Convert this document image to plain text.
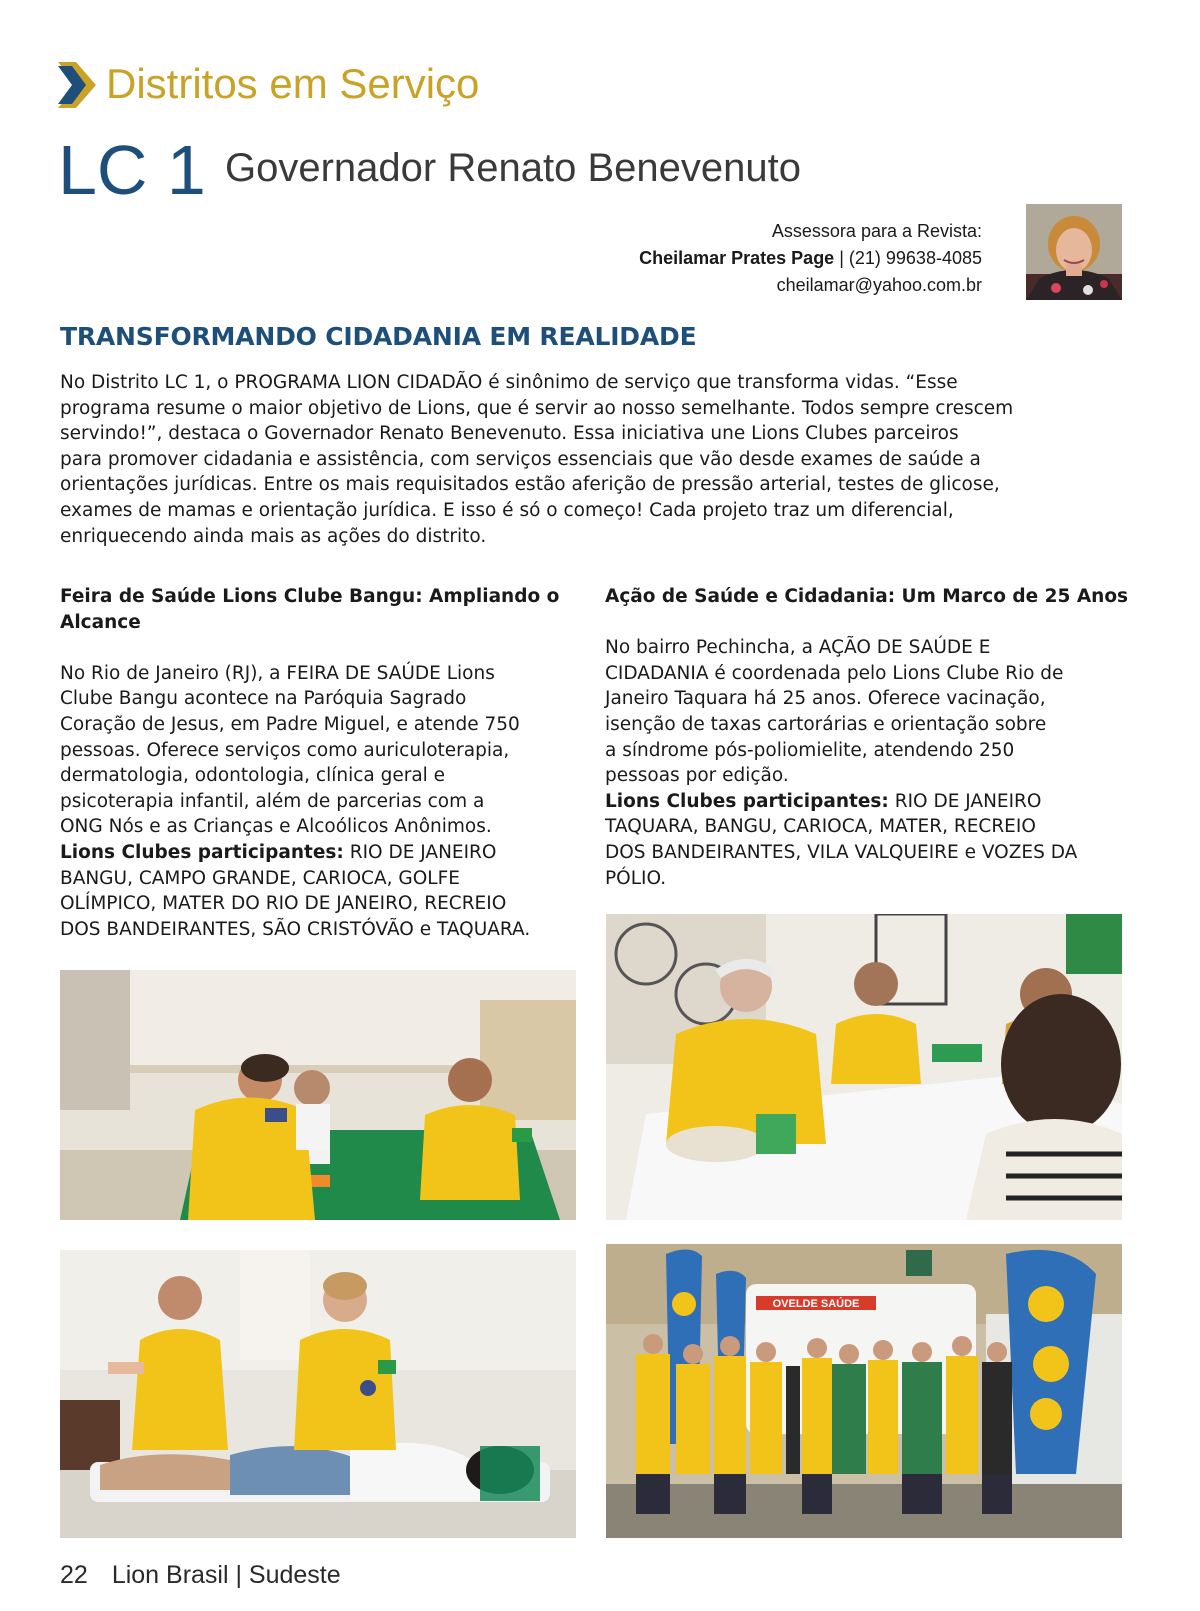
Distritos em Serviço
LC 1 Governador Renato Benevenuto
Assessora para a Revista:
Cheilamar Prates Page | (21) 99638-4085
cheilamar@yahoo.com.br
TRANSFORMANDO CIDADANIA EM REALIDADE
No Distrito LC 1, o PROGRAMA LION CIDADÃO é sinônimo de serviço que transforma vidas. “Esse
programa resume o maior objetivo de Lions, que é servir ao nosso semelhante. Todos sempre crescem
servindo!”, destaca o Governador Renato Benevenuto. Essa iniciativa une Lions Clubes parceiros
para promover cidadania e assistência, com serviços essenciais que vão desde exames de saúde a
orientações jurídicas. Entre os mais requisitados estão aferição de pressão arterial, testes de glicose,
exames de mamas e orientação jurídica. E isso é só o começo! Cada projeto traz um diferencial,
enriquecendo ainda mais as ações do distrito.
Feira de Saúde Lions Clube Bangu: Ampliando o
Alcance
No Rio de Janeiro (RJ), a FEIRA DE SAÚDE Lions
Clube Bangu acontece na Paróquia Sagrado
Coração de Jesus, em Padre Miguel, e atende 750
pessoas. Oferece serviços como auriculoterapia,
dermatologia, odontologia, clínica geral e
psicoterapia infantil, além de parcerias com a
ONG Nós e as Crianças e Alcoólicos Anônimos.
Lions Clubes participantes: RIO DE JANEIRO
BANGU, CAMPO GRANDE, CARIOCA, GOLFE
OLÍMPICO, MATER DO RIO DE JANEIRO, RECREIO
DOS BANDEIRANTES, SÃO CRISTÓVÃO e TAQUARA.
Ação de Saúde e Cidadania: Um Marco de 25 Anos
No bairro Pechincha, a AÇÃO DE SAÚDE E
CIDADANIA é coordenada pelo Lions Clube Rio de
Janeiro Taquara há 25 anos. Oferece vacinação,
isenção de taxas cartorárias e orientação sobre
a síndrome pós-poliomielite, atendendo 250
pessoas por edição.
Lions Clubes participantes: RIO DE JANEIRO
TAQUARA, BANGU, CARIOCA, MATER, RECREIO
DOS BANDEIRANTES, VILA VALQUEIRE e VOZES DA
PÓLIO.
OVELDE SAÚDE
22 Lion Brasil | Sudeste
